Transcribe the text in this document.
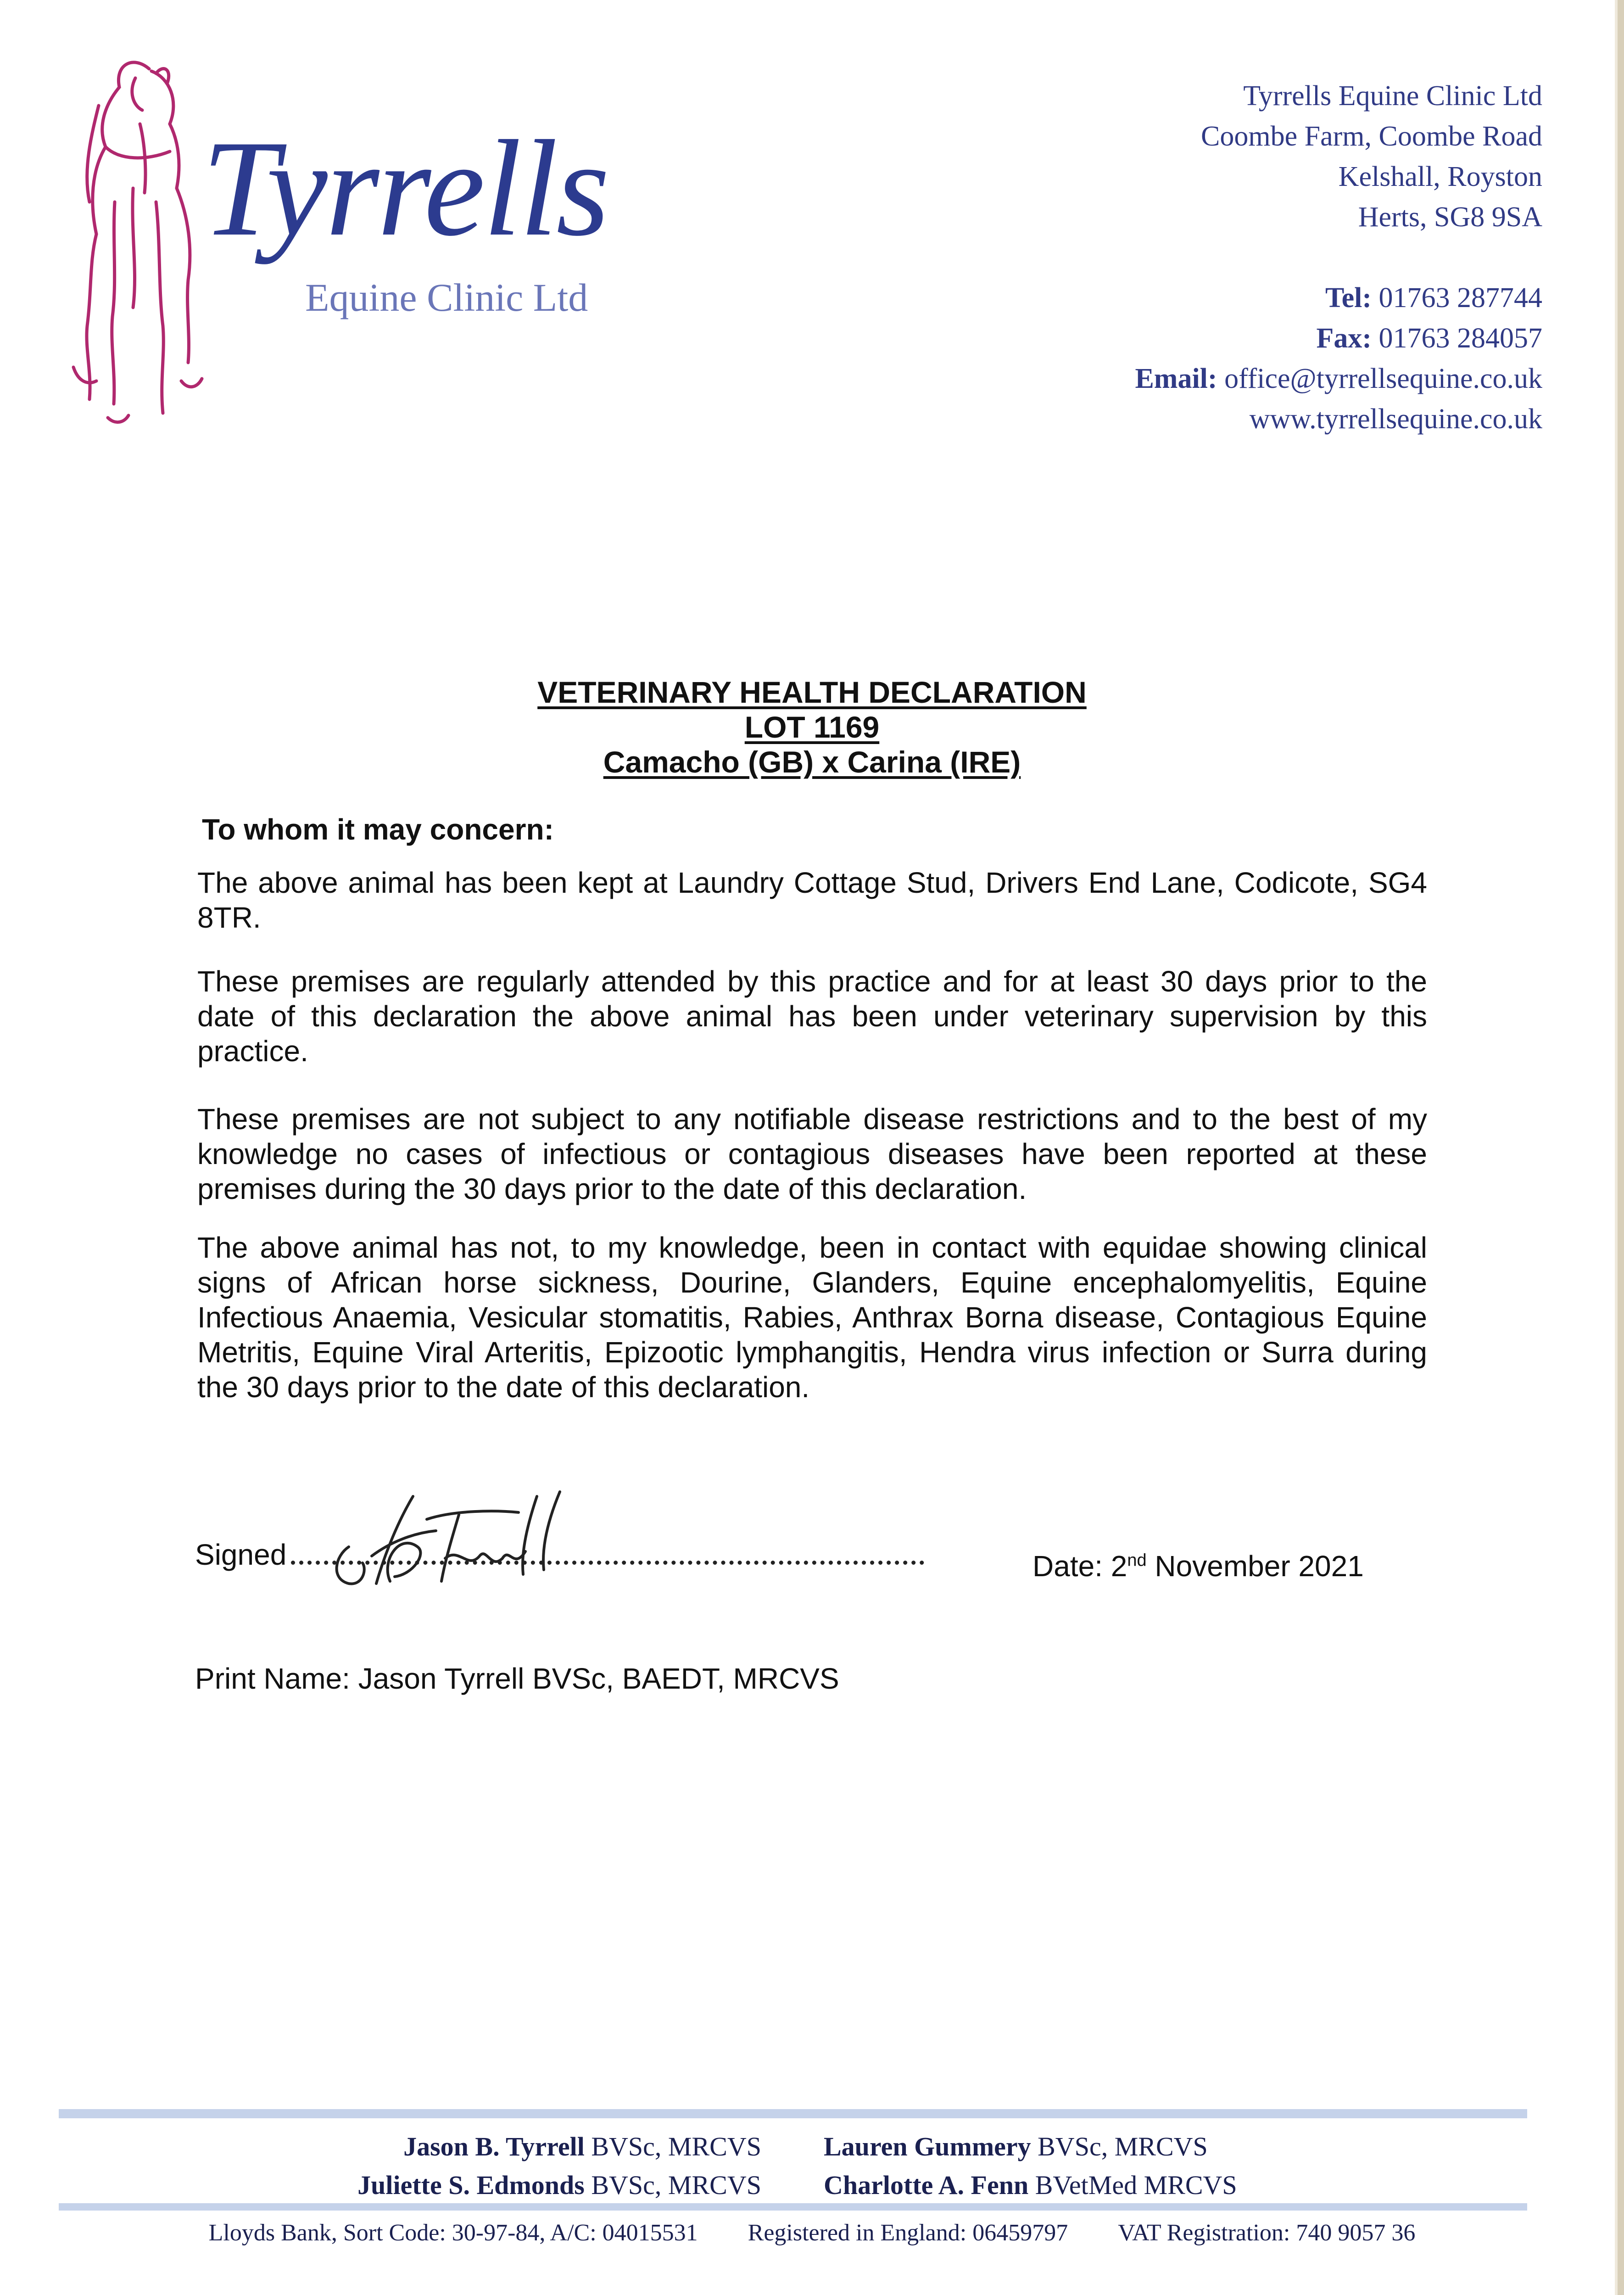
Tyrrells
Equine Clinic Ltd
Tyrrells Equine Clinic Ltd
Coombe Farm, Coombe Road
Kelshall, Royston
Herts, SG8 9SA
Tel: 01763 287744
Fax: 01763 284057
Email: office@tyrrellsequine.co.uk
www.tyrrellsequine.co.uk
VETERINARY HEALTH DECLARATION
LOT 1169
Camacho (GB) x Carina (IRE)
To whom it may concern:
The above animal has been kept at Laundry Cottage Stud, Drivers End Lane, Codicote, SG4 8TR.
These premises are regularly attended by this practice and for at least 30 days prior to the date of this declaration the above animal has been under veterinary supervision by this practice.
These premises are not subject to any notifiable disease restrictions and to the best of my knowledge no cases of infectious or contagious diseases have been reported at these premises during the 30 days prior to the date of this declaration.
The above animal has not, to my knowledge, been in contact with equidae showing clinical signs of African horse sickness, Dourine, Glanders, Equine encephalomyelitis, Equine Infectious Anaemia, Vesicular stomatitis, Rabies, Anthrax Borna disease, Contagious Equine Metritis, Equine Viral Arteritis, Epizootic lymphangitis, Hendra virus infection or Surra during the 30 days prior to the date of this declaration.
Signed	Date: 2nd November 2021
Print Name: Jason Tyrrell BVSc, BAEDT, MRCVS
Jason B. Tyrrell BVSc, MRCVS
Juliette S. Edmonds BVSc, MRCVS
Lauren Gummery BVSc, MRCVS
Charlotte A. Fenn BVetMed MRCVS
Lloyds Bank, Sort Code: 30-97-84, A/C: 04015531 Registered in England: 06459797 VAT Registration: 740 9057 36
